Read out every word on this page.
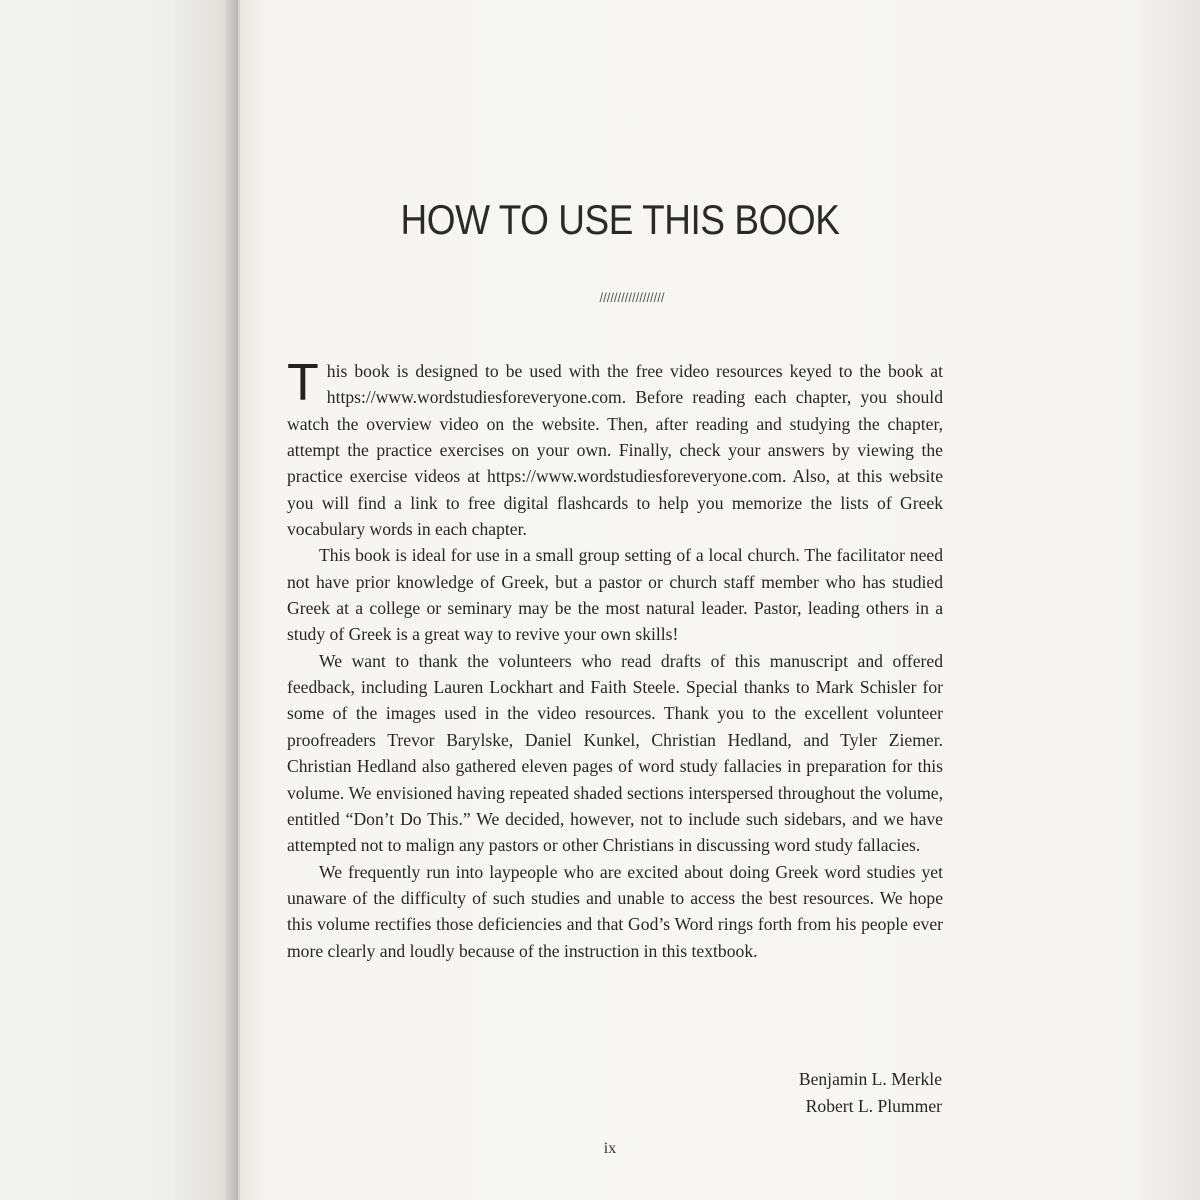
HOW TO USE THIS BOOK
//////////////////

This book is designed to be used with the free video resources keyed to the book at https://www.wordstudiesforeveryone.com. Before reading each chapter, you should watch the overview video on the website. Then, after reading and studying the chapter, attempt the practice exercises on your own. Finally, check your answers by viewing the practice exercise videos at https://www.wordstudiesforeveryone.com. Also, at this website you will find a link to free digital flashcards to help you memorize the lists of Greek vocabulary words in each chapter.

This book is ideal for use in a small group setting of a local church. The facilitator need not have prior knowledge of Greek, but a pastor or church staff member who has studied Greek at a college or seminary may be the most natural leader. Pastor, leading others in a study of Greek is a great way to revive your own skills!

We want to thank the volunteers who read drafts of this manuscript and offered feedback, including Lauren Lockhart and Faith Steele. Special thanks to Mark Schisler for some of the images used in the video resources. Thank you to the excellent volunteer proofreaders Trevor Barylske, Daniel Kunkel, Christian Hedland, and Tyler Ziemer. Christian Hedland also gathered eleven pages of word study fallacies in preparation for this volume. We envisioned having repeated shaded sections interspersed throughout the volume, entitled “Don’t Do This.” We decided, however, not to include such sidebars, and we have attempted not to malign any pastors or other Christians in discussing word study fallacies.

We frequently run into laypeople who are excited about doing Greek word studies yet unaware of the difficulty of such studies and unable to access the best resources. We hope this volume rectifies those deficiencies and that God’s Word rings forth from his people ever more clearly and loudly because of the instruction in this textbook.

Benjamin L. Merkle
Robert L. Plummer
ix
